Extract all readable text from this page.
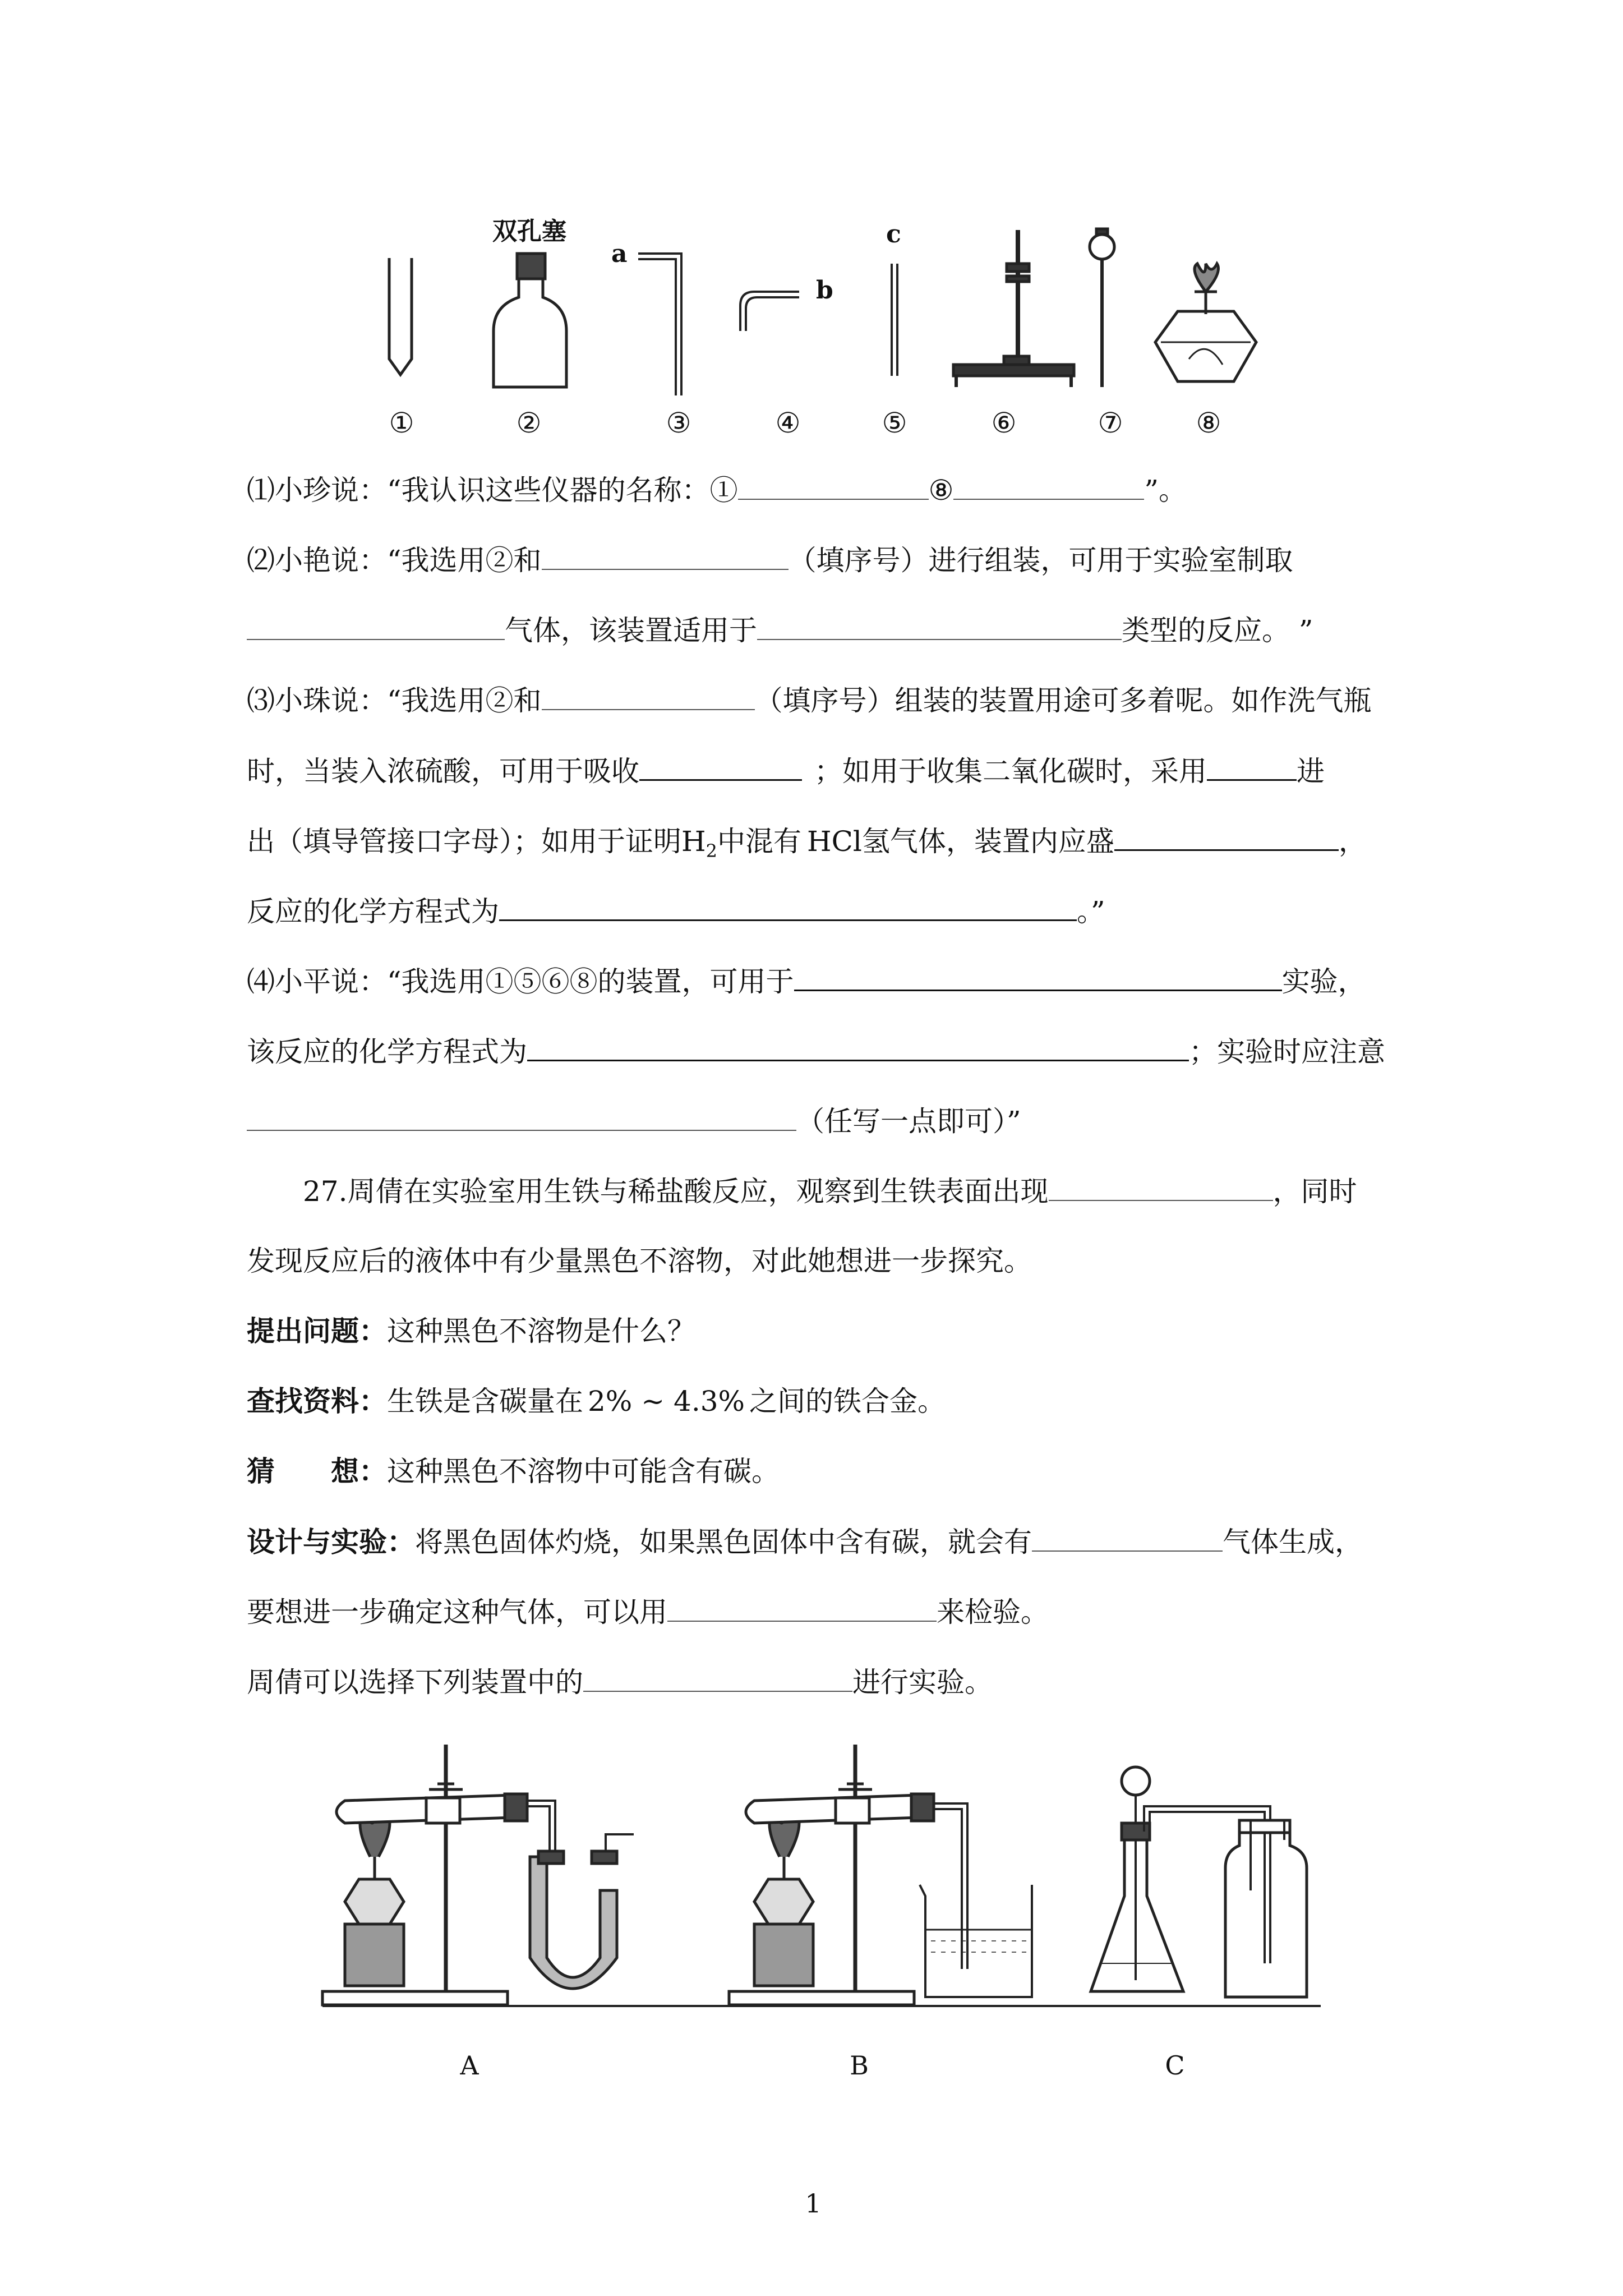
双孔塞
a
b
c
①	②	③	④	⑤	⑥	⑦	⑧
⑴小珍说：“我认识这些仪器的名称：①	⑧	”。
⑵小艳说：“我选用②和	（填序号）进行组装，可用于实验室制取
气体，该装置适用于	类型的反应。 ”
⑶小珠说：“我选用②和	（填序号）组装的装置用途可多着呢。如作洗气瓶
时，当装入浓硫酸，可用于吸收	；如用于收集二氧化碳时，采用	进
出（填导管接口字母）；如用于证明$H_2$中混有 HCl氢气体，装置内应盛	，
反应的化学方程式为	。”
⑷小平说：“我选用①⑤⑥⑧的装置，可用于	实验，
该反应的化学方程式为	；实验时应注意
（任写一点即可）”
27.周倩在实验室用生铁与稀盐酸反应，观察到生铁表面出现	，同时
发现反应后的液体中有少量黑色不溶物，对此她想进一步探究。
提出问题：这种黑色不溶物是什么？
查找资料：生铁是含碳量在 2% ~ 4.3% 之间的铁合金。
猜　　想：这种黑色不溶物中可能含有碳。
设计与实验：将黑色固体灼烧，如果黑色固体中含有碳，就会有	气体生成，
要想进一步确定这种气体，可以用	来检验。
周倩可以选择下列装置中的	进行实验。
A	B	C
1
